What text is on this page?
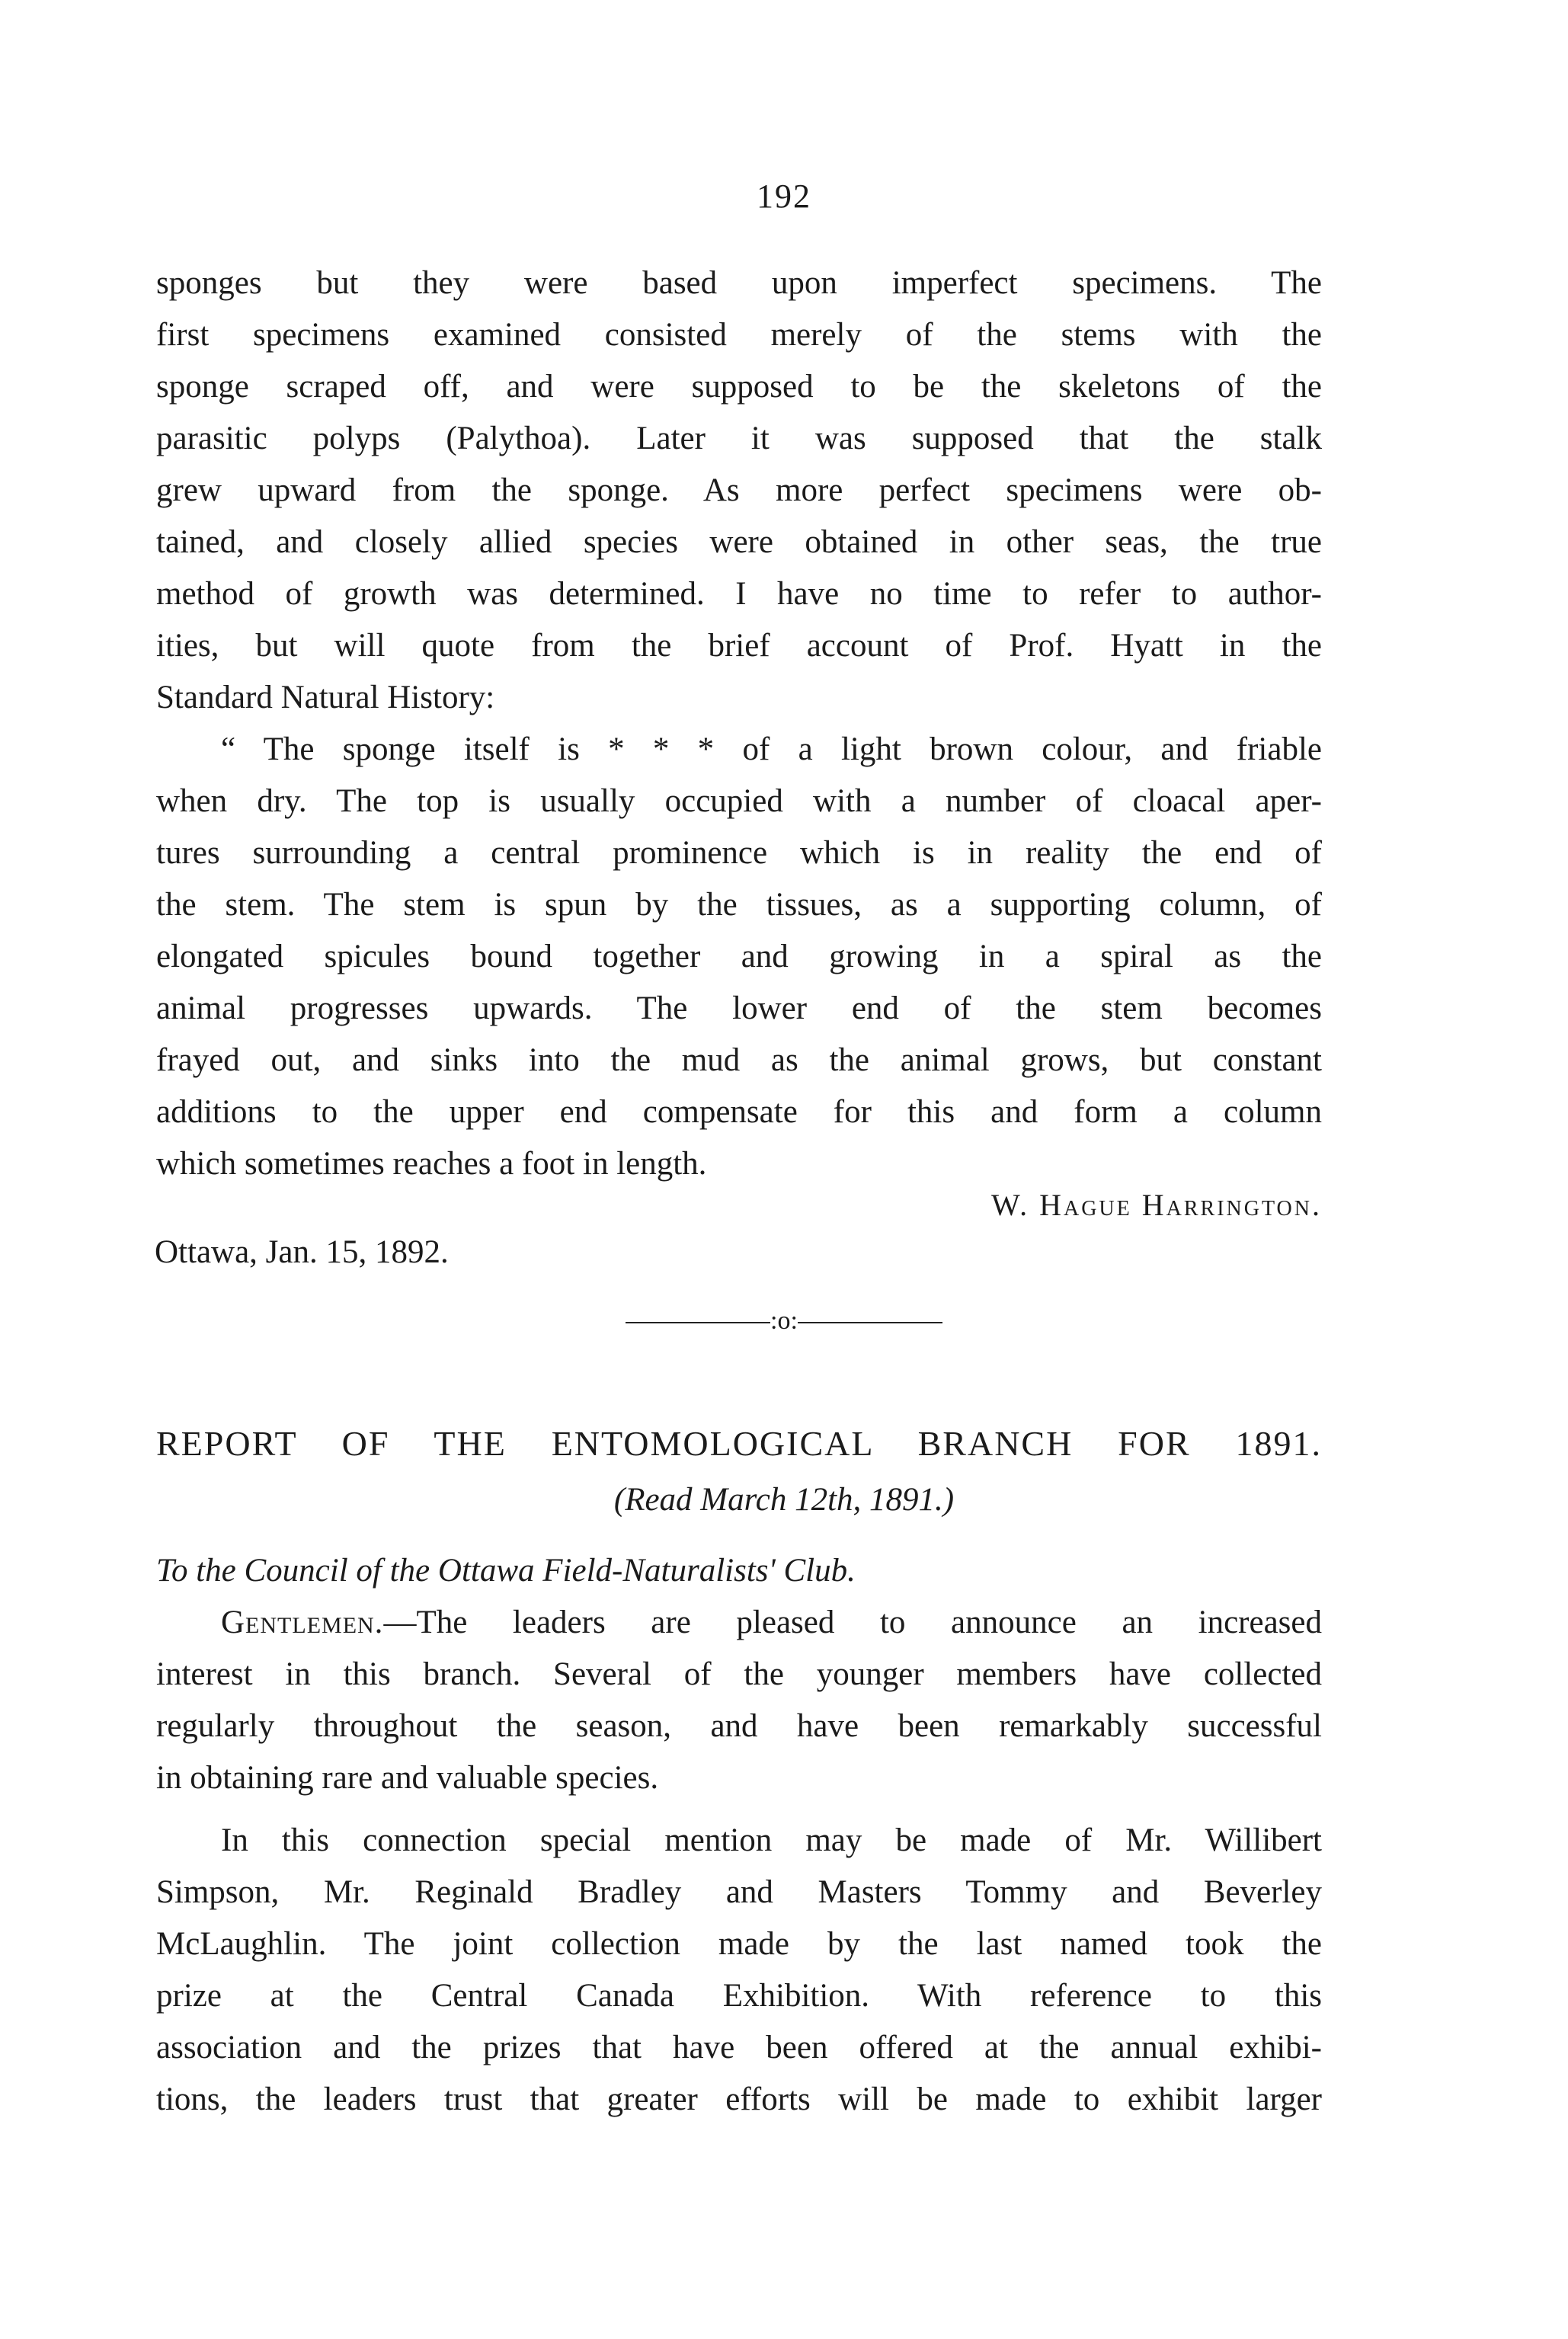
192
sponges but they were based upon imperfect specimens. The
first specimens examined consisted merely of the stems with the
sponge scraped off, and were supposed to be the skeletons of the
parasitic polyps (Palythoa). Later it was supposed that the stalk
grew upward from the sponge. As more perfect specimens were ob-
tained, and closely allied species were obtained in other seas, the true
method of growth was determined. I have no time to refer to author-
ities, but will quote from the brief account of Prof. Hyatt in the
Standard Natural History:
“ The sponge itself is * * * of a light brown colour, and friable
when dry. The top is usually occupied with a number of cloacal aper-
tures surrounding a central prominence which is in reality the end of
the stem. The stem is spun by the tissues, as a supporting column, of
elongated spicules bound together and growing in a spiral as the
animal progresses upwards. The lower end of the stem becomes
frayed out, and sinks into the mud as the animal grows, but constant
additions to the upper end compensate for this and form a column
which sometimes reaches a foot in length.
W. Hague Harrington.
Ottawa, Jan. 15, 1892.
:o:
REPORT OF THE ENTOMOLOGICAL BRANCH FOR 1891.
(Read March 12th, 1891.)
To the Council of the Ottawa Field-Naturalists' Club.
Gentlemen.—The leaders are pleased to announce an increased
interest in this branch. Several of the younger members have collected
regularly throughout the season, and have been remarkably successful
in obtaining rare and valuable species.
In this connection special mention may be made of Mr. Willibert
Simpson, Mr. Reginald Bradley and Masters Tommy and Beverley
McLaughlin. The joint collection made by the last named took the
prize at the Central Canada Exhibition. With reference to this
association and the prizes that have been offered at the annual exhibi-
tions, the leaders trust that greater efforts will be made to exhibit larger
